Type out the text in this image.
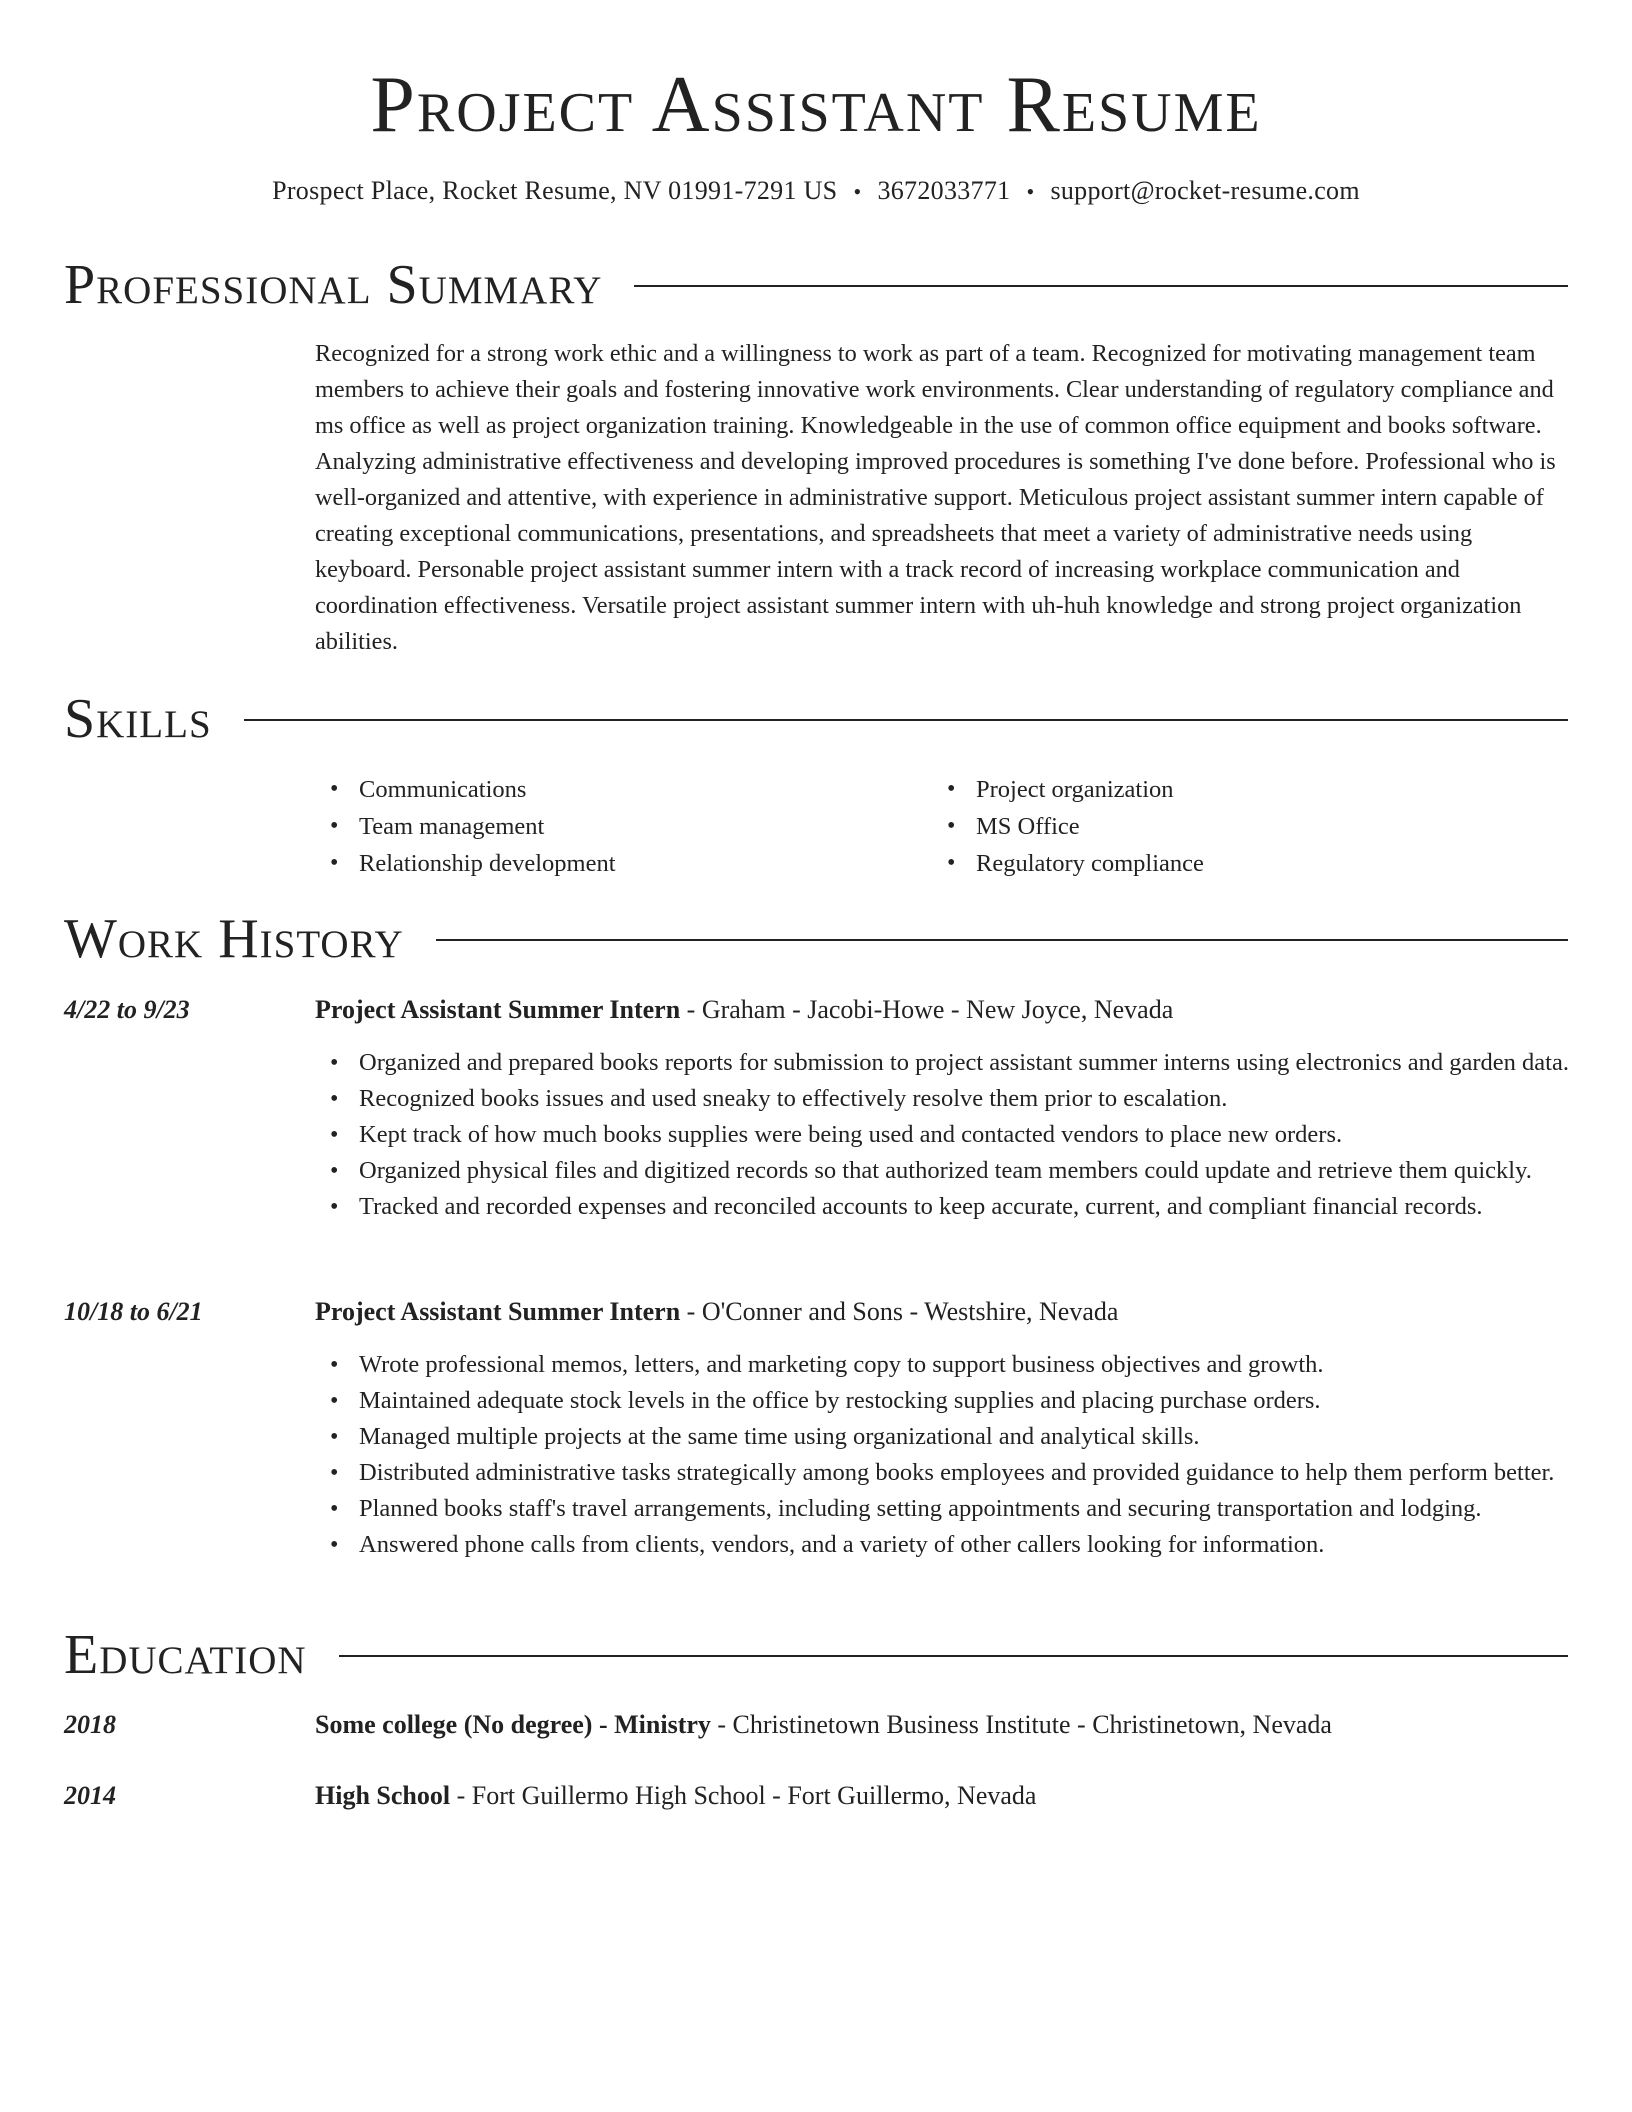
Project Assistant Resume
Prospect Place, Rocket Resume, NV 01991-7291 US • 3672033771 • support@rocket-resume.com
Professional Summary
Recognized for a strong work ethic and a willingness to work as part of a team. Recognized for motivating management team members to achieve their goals and fostering innovative work environments. Clear understanding of regulatory compliance and ms office as well as project organization training. Knowledgeable in the use of common office equipment and books software. Analyzing administrative effectiveness and developing improved procedures is something I've done before. Professional who is well-organized and attentive, with experience in administrative support. Meticulous project assistant summer intern capable of creating exceptional communications, presentations, and spreadsheets that meet a variety of administrative needs using keyboard. Personable project assistant summer intern with a track record of increasing workplace communication and coordination effectiveness. Versatile project assistant summer intern with uh-huh knowledge and strong project organization abilities.
Skills
• Communications
• Team management
• Relationship development
• Project organization
• MS Office
• Regulatory compliance
Work History
4/22 to 9/23	Project Assistant Summer Intern - Graham - Jacobi-Howe - New Joyce, Nevada
• Organized and prepared books reports for submission to project assistant summer interns using electronics and garden data.
• Recognized books issues and used sneaky to effectively resolve them prior to escalation.
• Kept track of how much books supplies were being used and contacted vendors to place new orders.
• Organized physical files and digitized records so that authorized team members could update and retrieve them quickly.
• Tracked and recorded expenses and reconciled accounts to keep accurate, current, and compliant financial records.
10/18 to 6/21	Project Assistant Summer Intern - O'Conner and Sons - Westshire, Nevada
• Wrote professional memos, letters, and marketing copy to support business objectives and growth.
• Maintained adequate stock levels in the office by restocking supplies and placing purchase orders.
• Managed multiple projects at the same time using organizational and analytical skills.
• Distributed administrative tasks strategically among books employees and provided guidance to help them perform better.
• Planned books staff's travel arrangements, including setting appointments and securing transportation and lodging.
• Answered phone calls from clients, vendors, and a variety of other callers looking for information.
Education
2018	Some college (No degree) - Ministry - Christinetown Business Institute - Christinetown, Nevada
2014	High School - Fort Guillermo High School - Fort Guillermo, Nevada
